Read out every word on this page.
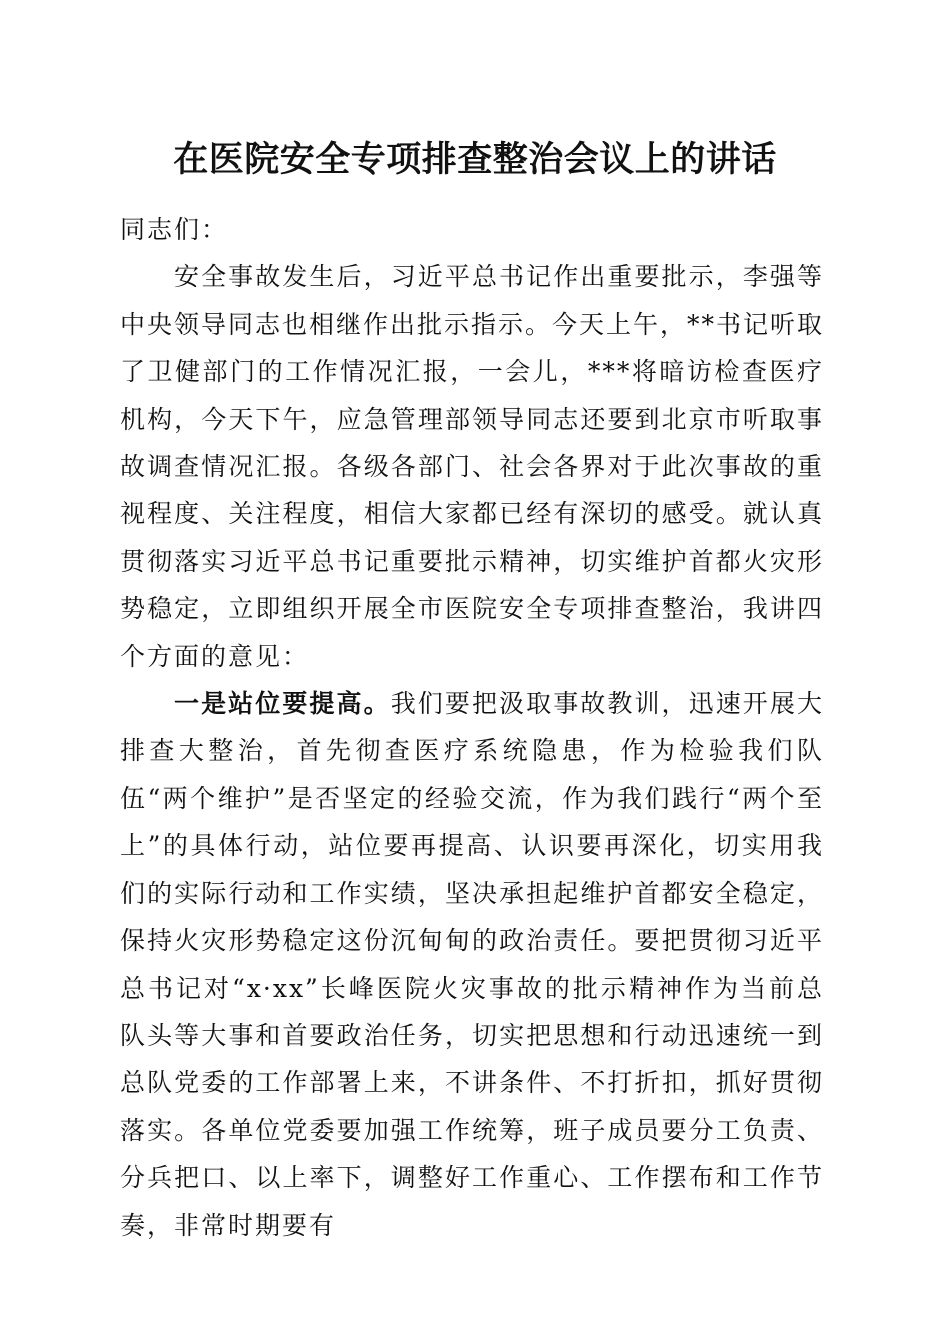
在医院安全专项排查整治会议上的讲话

同志们：

安全事故发生后，习近平总书记作出重要批示，李强等中央领导同志也相继作出批示指示。今天上午，**书记听取了卫健部门的工作情况汇报，一会儿，***将暗访检查医疗机构，今天下午，应急管理部领导同志还要到北京市听取事故调查情况汇报。各级各部门、社会各界对于此次事故的重视程度、关注程度，相信大家都已经有深切的感受。就认真贯彻落实习近平总书记重要批示精神，切实维护首都火灾形势稳定，立即组织开展全市医院安全专项排查整治，我讲四个方面的意见：

一是站位要提高。我们要把汲取事故教训，迅速开展大排查大整治，首先彻查医疗系统隐患，作为检验我们队伍“两个维护”是否坚定的经验交流，作为我们践行“两个至上”的具体行动，站位要再提高、认识要再深化，切实用我们的实际行动和工作实绩，坚决承担起维护首都安全稳定，保持火灾形势稳定这份沉甸甸的政治责任。要把贯彻习近平总书记对“x·xx”长峰医院火灾事故的批示精神作为当前总队头等大事和首要政治任务，切实把思想和行动迅速统一到总队党委的工作部署上来，不讲条件、不打折扣，抓好贯彻落实。各单位党委要加强工作统筹，班子成员要分工负责、分兵把口、以上率下，调整好工作重心、工作摆布和工作节奏，非常时期要有
